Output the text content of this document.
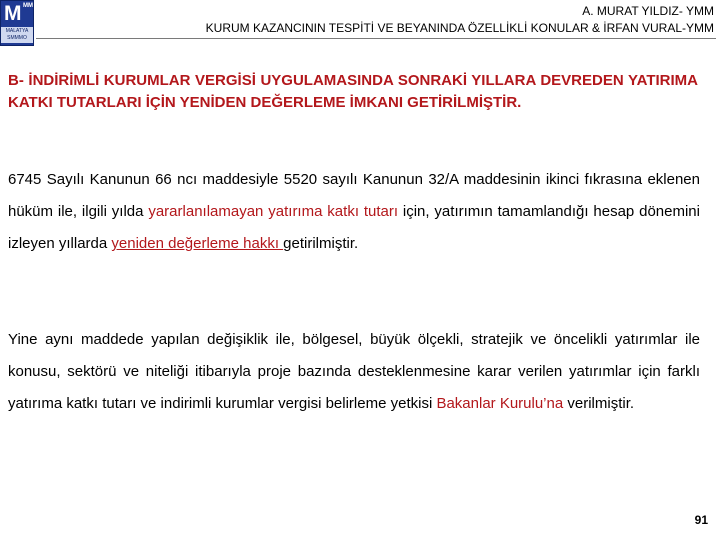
M MM
MALATYA
SMMMO
A. MURAT YILDIZ- YMM
KURUM KAZANCININ TESPİTİ VE BEYANINDA ÖZELLİKLİ KONULAR & İRFAN VURAL-YMM
B- İNDİRİMLİ KURUMLAR VERGİSİ UYGULAMASINDA SONRAKİ YILLARA DEVREDEN YATIRIMA KATKI TUTARLARI İÇİN YENİDEN DEĞERLEME İMKANI GETİRİLMİŞTİR.
6745 Sayılı Kanunun 66 ncı maddesiyle 5520 sayılı Kanunun 32/A maddesinin ikinci fıkrasına eklenen hüküm ile, ilgili yılda yararlanılamayan yatırıma katkı tutarı için, yatırımın tamamlandığı hesap dönemini izleyen yıllarda yeniden değerleme hakkı getirilmiştir.
Yine aynı maddede yapılan değişiklik ile, bölgesel, büyük ölçekli, stratejik ve öncelikli yatırımlar ile konusu, sektörü ve niteliği itibarıyla proje bazında desteklenmesine karar verilen yatırımlar için farklı yatırıma katkı tutarı ve indirimli kurumlar vergisi belirleme yetkisi Bakanlar Kurulu’na verilmiştir.
91
